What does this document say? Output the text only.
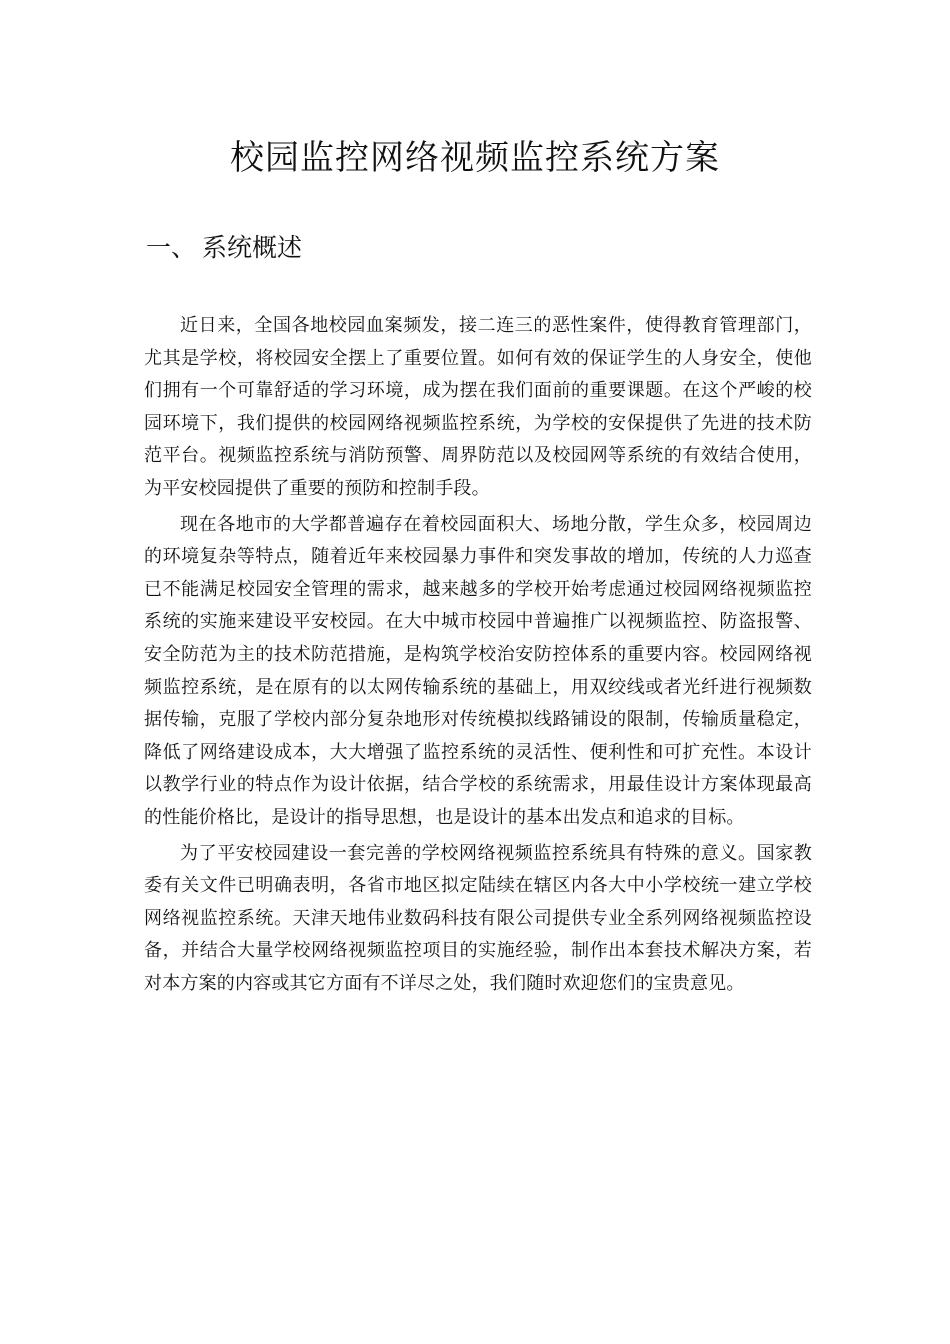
校园监控网络视频监控系统方案
一、 系统概述

近日来，全国各地校园血案频发，接二连三的恶性案件，使得教育管理部门，尤其是学校，将校园安全摆上了重要位置。如何有效的保证学生的人身安全，使他们拥有一个可靠舒适的学习环境，成为摆在我们面前的重要课题。在这个严峻的校园环境下，我们提供的校园网络视频监控系统，为学校的安保提供了先进的技术防范平台。视频监控系统与消防预警、周界防范以及校园网等系统的有效结合使用，为平安校园提供了重要的预防和控制手段。

现在各地市的大学都普遍存在着校园面积大、场地分散，学生众多，校园周边的环境复杂等特点，随着近年来校园暴力事件和突发事故的增加，传统的人力巡查已不能满足校园安全管理的需求，越来越多的学校开始考虑通过校园网络视频监控系统的实施来建设平安校园。在大中城市校园中普遍推广以视频监控、防盗报警、安全防范为主的技术防范措施，是构筑学校治安防控体系的重要内容。校园网络视频监控系统，是在原有的以太网传输系统的基础上，用双绞线或者光纤进行视频数据传输，克服了学校内部分复杂地形对传统模拟线路铺设的限制，传输质量稳定，降低了网络建设成本，大大增强了监控系统的灵活性、便利性和可扩充性。本设计以教学行业的特点作为设计依据，结合学校的系统需求，用最佳设计方案体现最高的性能价格比，是设计的指导思想，也是设计的基本出发点和追求的目标。

为了平安校园建设一套完善的学校网络视频监控系统具有特殊的意义。国家教委有关文件已明确表明，各省市地区拟定陆续在辖区内各大中小学校统一建立学校网络视监控系统。天津天地伟业数码科技有限公司提供专业全系列网络视频监控设备，并结合大量学校网络视频监控项目的实施经验，制作出本套技术解决方案，若对本方案的内容或其它方面有不详尽之处，我们随时欢迎您们的宝贵意见。
